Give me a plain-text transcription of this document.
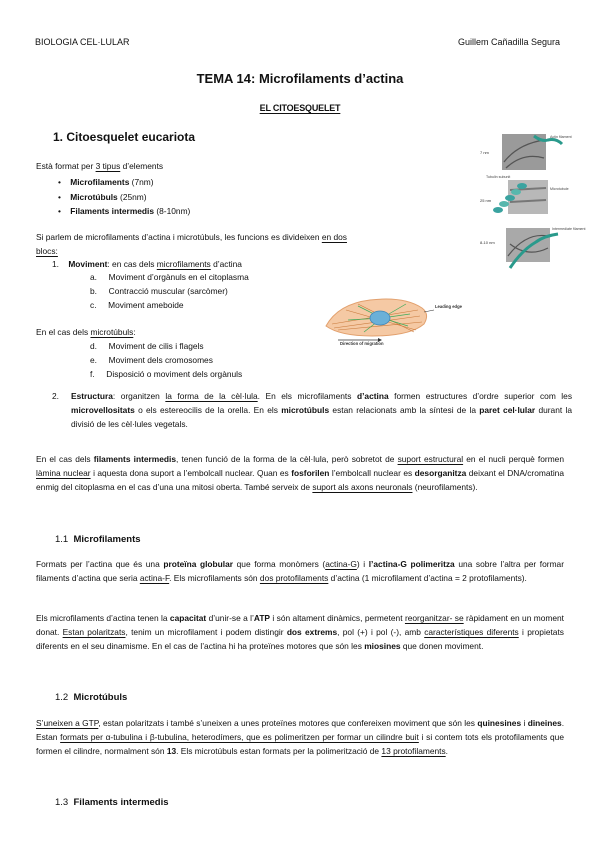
BIOLOGIA CEL·LULAR	Guillem Cañadilla Segura
TEMA 14: Microfilaments d’actina
EL CITOESQUELET
1. Citoesquelet eucariota
Està format per 3 tipus d’elements
•    Microfilaments (7nm)
•    Microtúbuls (25nm)
•    Filaments intermedis (8-10nm)
Si parlem de microfilaments d’actina i microtúbuls, les funcions es divideixen en dos
blocs:
1. Moviment: en cas dels microfilaments d’actina
a. Moviment d’orgànuls en el citoplasma
b. Contracció muscular (sarcòmer)
c. Moviment ameboide
En el cas dels microtúbuls:
d. Moviment de cilis i flagels
e. Moviment dels cromosomes
f. Disposició o moviment dels orgànuls
2. Estructura: organitzen la forma de la cèl·lula. En els microfilaments d’actina formen estructures d’ordre superior com les microvellositats o els estereocilis de la orella. En els microtúbuls estan relacionats amb la síntesi de la paret cel·lular durant la divisió de les cèl·lules vegetals.
En el cas dels filaments intermedis, tenen funció de la forma de la cèl·lula, però sobretot de suport estructural en el nucli perquè formen làmina nuclear i aquesta dona suport a l’embolcall nuclear. Quan es fosforilen l’embolcall nuclear es desorganitza deixant el DNA/cromatina enmig del citoplasma en el cas d’una una mitosi oberta. També serveix de suport als axons neuronals (neurofilaments).
1.1 Microfilaments
Formats per l’actina que és una proteïna globular que forma monòmers (actina-G) i l’actina-G polimeritza una sobre l’altra per formar filaments d’actina que seria actina-F. Els microfilaments són dos protofilaments d’actina (1 microfilament d’actina = 2 protofilaments).
Els microfilaments d’actina tenen la capacitat d’unir-se a l’ATP i són altament dinàmics, permetent reorganitzar- se ràpidament en un moment donat. Estan polaritzats, tenim un microfilament i podem distingir dos extrems, pol (+) i pol (-), amb característiques diferents i propietats diferents en el seu dinamisme. En el cas de l’actina hi ha proteïnes motores que són les miosines que donen moviment.
1.2 Microtúbuls
S’uneixen a GTP, estan polaritzats i també s’uneixen a unes proteïnes motores que confereixen moviment que són les quinesines i dineines. Estan formats per α-tubulina i β-tubulina, heterodímers, que es polimeritzen per formar un cilindre buit i si contem tots els protofilaments que formen el cilindre, normalment són 13. Els microtúbuls estan formats per la polimerització de 13 protofilaments.
1.3 Filaments intermedis
Actin filament
7 nm
Tubulin subunit
Microtubule
25 nm
Intermediate filament
8-10 nm
Leading edge
Direction of migration
